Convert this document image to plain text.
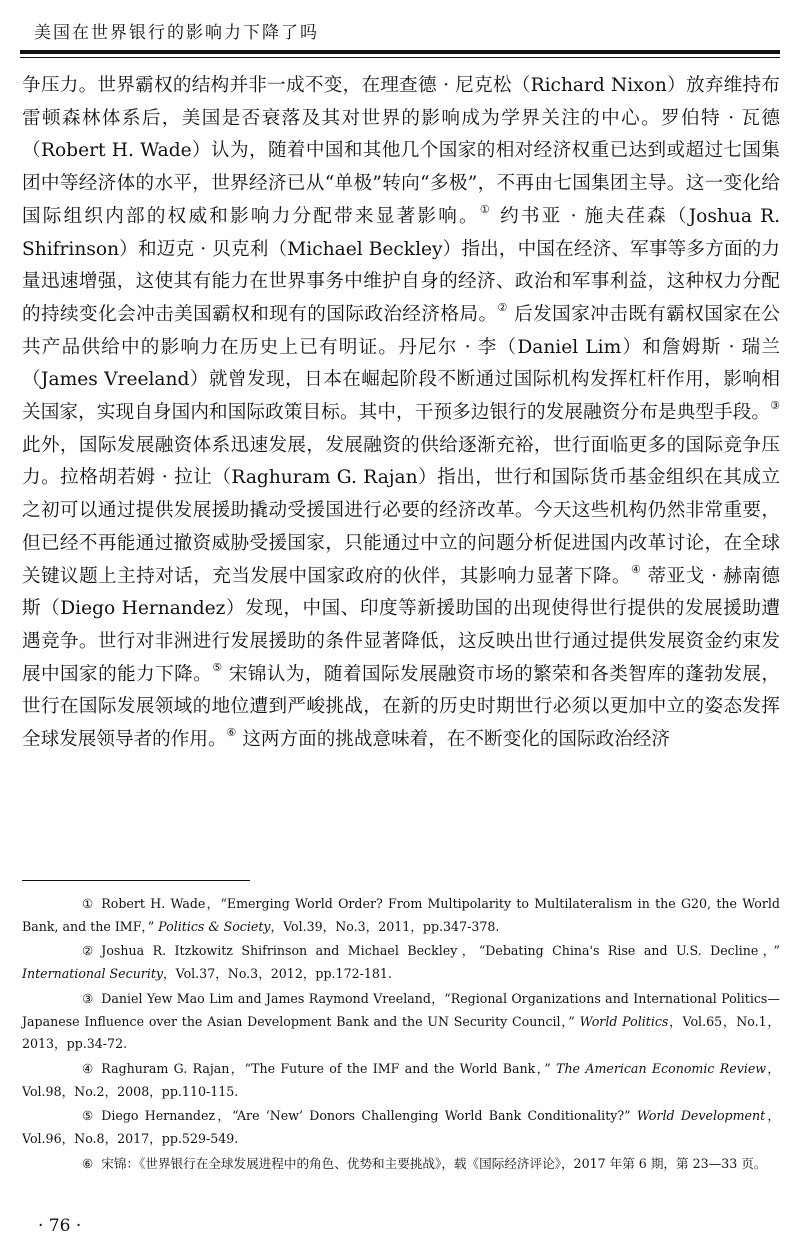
美国在世界银行的影响力下降了吗

争压力。世界霸权的结构并非一成不变，在理查德 · 尼克松（Richard Nixon）放弃维持布雷顿森林体系后，美国是否衰落及其对世界的影响成为学界关注的中心。罗伯特 · 瓦德（Robert H. Wade）认为，随着中国和其他几个国家的相对经济权重已达到或超过七国集团中等经济体的水平，世界经济已从“单极”转向“多极”，不再由七国集团主导。这一变化给国际组织内部的权威和影响力分配带来显著影响。① 约书亚 · 施夫荏森（Joshua R. Shifrinson）和迈克 · 贝克利（Michael Beckley）指出，中国在经济、军事等多方面的力量迅速增强，这使其有能力在世界事务中维护自身的经济、政治和军事利益，这种权力分配的持续变化会冲击美国霸权和现有的国际政治经济格局。② 后发国家冲击既有霸权国家在公共产品供给中的影响力在历史上已有明证。丹尼尔 · 李（Daniel Lim）和詹姆斯 · 瑞兰（James Vreeland）就曾发现，日本在崛起阶段不断通过国际机构发挥杠杆作用，影响相关国家，实现自身国内和国际政策目标。其中，干预多边银行的发展融资分布是典型手段。③ 此外，国际发展融资体系迅速发展，发展融资的供给逐渐充裕，世行面临更多的国际竞争压力。拉格胡若姆 · 拉让（Raghuram G. Rajan）指出，世行和国际货币基金组织在其成立之初可以通过提供发展援助撬动受援国进行必要的经济改革。今天这些机构仍然非常重要，但已经不再能通过撤资威胁受援国家，只能通过中立的问题分析促进国内改革讨论，在全球关键议题上主持对话，充当发展中国家政府的伙伴，其影响力显著下降。④ 蒂亚戈 · 赫南德斯（Diego Hernandez）发现，中国、印度等新援助国的出现使得世行提供的发展援助遭遇竞争。世行对非洲进行发展援助的条件显著降低，这反映出世行通过提供发展资金约束发展中国家的能力下降。⑤ 宋锦认为，随着国际发展融资市场的繁荣和各类智库的蓬勃发展，世行在国际发展领域的地位遭到严峻挑战，在新的历史时期世行必须以更加中立的姿态发挥全球发展领导者的作用。⑥ 这两方面的挑战意味着，在不断变化的国际政治经济

① Robert H. Wade，“Emerging World Order? From Multipolarity to Multilateralism in the G20, the World Bank, and the IMF，” Politics & Society，Vol.39，No.3，2011，pp.347-378.

② Joshua R. Itzkowitz Shifrinson and Michael Beckley，“Debating China's Rise and U.S. Decline，” International Security，Vol.37，No.3，2012，pp.172-181.

③ Daniel Yew Mao Lim and James Raymond Vreeland，“Regional Organizations and International Politics—Japanese Influence over the Asian Development Bank and the UN Security Council，” World Politics，Vol.65，No.1，2013，pp.34-72.

④ Raghuram G. Rajan，“The Future of the IMF and the World Bank，” The American Economic Review，Vol.98，No.2，2008，pp.110-115.

⑤ Diego Hernandez，“Are ‘New’ Donors Challenging World Bank Conditionality?” World Development，Vol.96，No.8，2017，pp.529-549.

⑥ 宋锦：《世界银行在全球发展进程中的角色、优势和主要挑战》，载《国际经济评论》，2017 年第 6 期，第 23—33 页。

· 76 ·
